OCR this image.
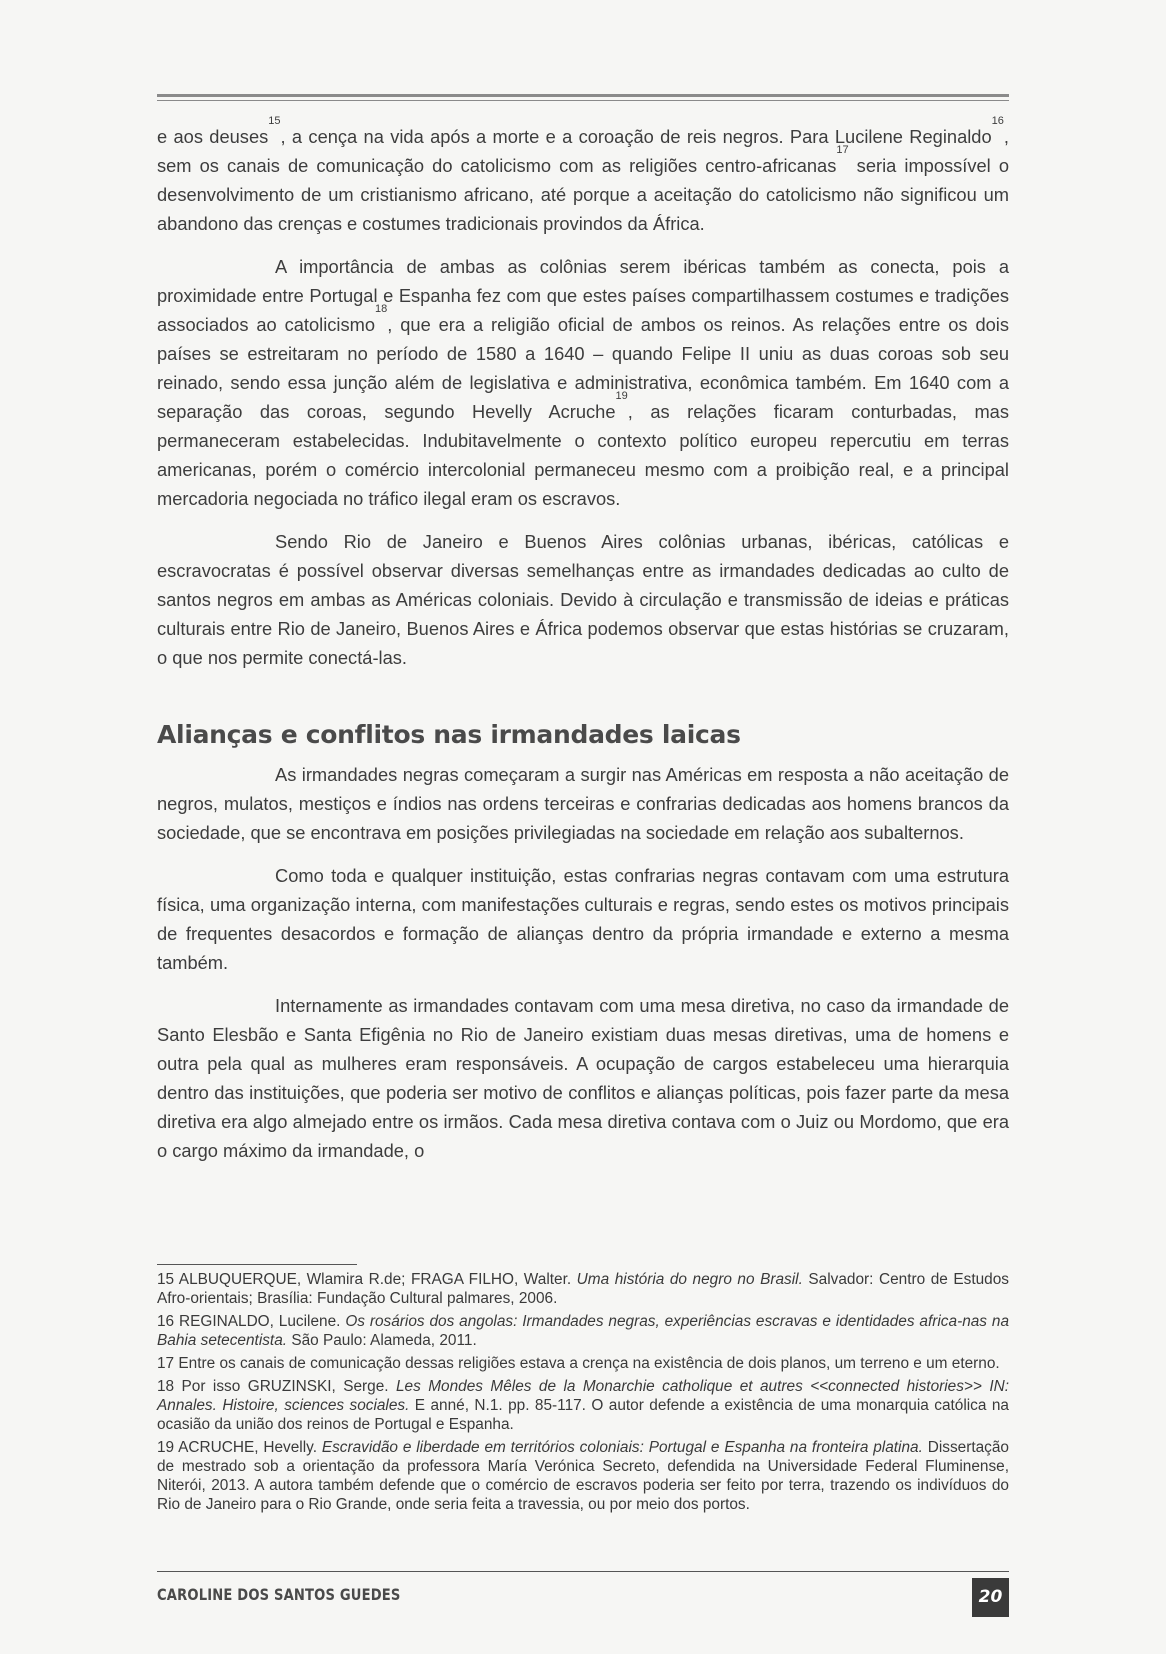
e aos deuses$^{15}$, a cença na vida após a morte e a coroação de reis negros. Para Lucilene Reginaldo$^{16}$, sem os canais de comunicação do catolicismo com as religiões centro-africanas$^{17}$ seria impossível o desenvolvimento de um cristianismo africano, até porque a aceitação do catolicismo não significou um abandono das crenças e costumes tradicionais provindos da África.

A importância de ambas as colônias serem ibéricas também as conecta, pois a proximidade entre Portugal e Espanha fez com que estes países compartilhassem costumes e tradições associados ao catolicismo$^{18}$, que era a religião oficial de ambos os reinos. As relações entre os dois países se estreitaram no período de 1580 a 1640 – quando Felipe II uniu as duas coroas sob seu reinado, sendo essa junção além de legislativa e administrativa, econômica também. Em 1640 com a separação das coroas, segundo Hevelly Acruche$^{19}$, as relações ficaram conturbadas, mas permaneceram estabelecidas. Indubitavelmente o contexto político europeu repercutiu em terras americanas, porém o comércio intercolonial permaneceu mesmo com a proibição real, e a principal mercadoria negociada no tráfico ilegal eram os escravos.

Sendo Rio de Janeiro e Buenos Aires colônias urbanas, ibéricas, católicas e escravocratas é possível observar diversas semelhanças entre as irmandades dedicadas ao culto de santos negros em ambas as Américas coloniais. Devido à circulação e transmissão de ideias e práticas culturais entre Rio de Janeiro, Buenos Aires e África podemos observar que estas histórias se cruzaram, o que nos permite conectá-las.

Alianças e conflitos nas irmandades laicas

As irmandades negras começaram a surgir nas Américas em resposta a não aceitação de negros, mulatos, mestiços e índios nas ordens terceiras e confrarias dedicadas aos homens brancos da sociedade, que se encontrava em posições privilegiadas na sociedade em relação aos subalternos.

Como toda e qualquer instituição, estas confrarias negras contavam com uma estrutura física, uma organização interna, com manifestações culturais e regras, sendo estes os motivos principais de frequentes desacordos e formação de alianças dentro da própria irmandade e externo a mesma também.

Internamente as irmandades contavam com uma mesa diretiva, no caso da irmandade de Santo Elesbão e Santa Efigênia no Rio de Janeiro existiam duas mesas diretivas, uma de homens e outra pela qual as mulheres eram responsáveis. A ocupação de cargos estabeleceu uma hierarquia dentro das instituições, que poderia ser motivo de conflitos e alianças políticas, pois fazer parte da mesa diretiva era algo almejado entre os irmãos. Cada mesa diretiva contava com o Juiz ou Mordomo, que era o cargo máximo da irmandade, o

15 ALBUQUERQUE, Wlamira R.de; FRAGA FILHO, Walter. Uma história do negro no Brasil. Salvador: Centro de Estudos Afro-orientais; Brasília: Fundação Cultural palmares, 2006.

16 REGINALDO, Lucilene. Os rosários dos angolas: Irmandades negras, experiências escravas e identidades africa-nas na Bahia setecentista. São Paulo: Alameda, 2011.

17 Entre os canais de comunicação dessas religiões estava a crença na existência de dois planos, um terreno e um eterno.

18 Por isso GRUZINSKI, Serge. Les Mondes Mêles de la Monarchie catholique et autres <<connected histories>> IN: Annales. Histoire, sciences sociales. E anné, N.1. pp. 85-117. O autor defende a existência de uma monarquia católica na ocasião da união dos reinos de Portugal e Espanha.

19 ACRUCHE, Hevelly. Escravidão e liberdade em territórios coloniais: Portugal e Espanha na fronteira platina. Dissertação de mestrado sob a orientação da professora María Verónica Secreto, defendida na Universidade Federal Fluminense, Niterói, 2013. A autora também defende que o comércio de escravos poderia ser feito por terra, trazendo os indivíduos do Rio de Janeiro para o Rio Grande, onde seria feita a travessia, ou por meio dos portos.

CAROLINE DOS SANTOS GUEDES	20
